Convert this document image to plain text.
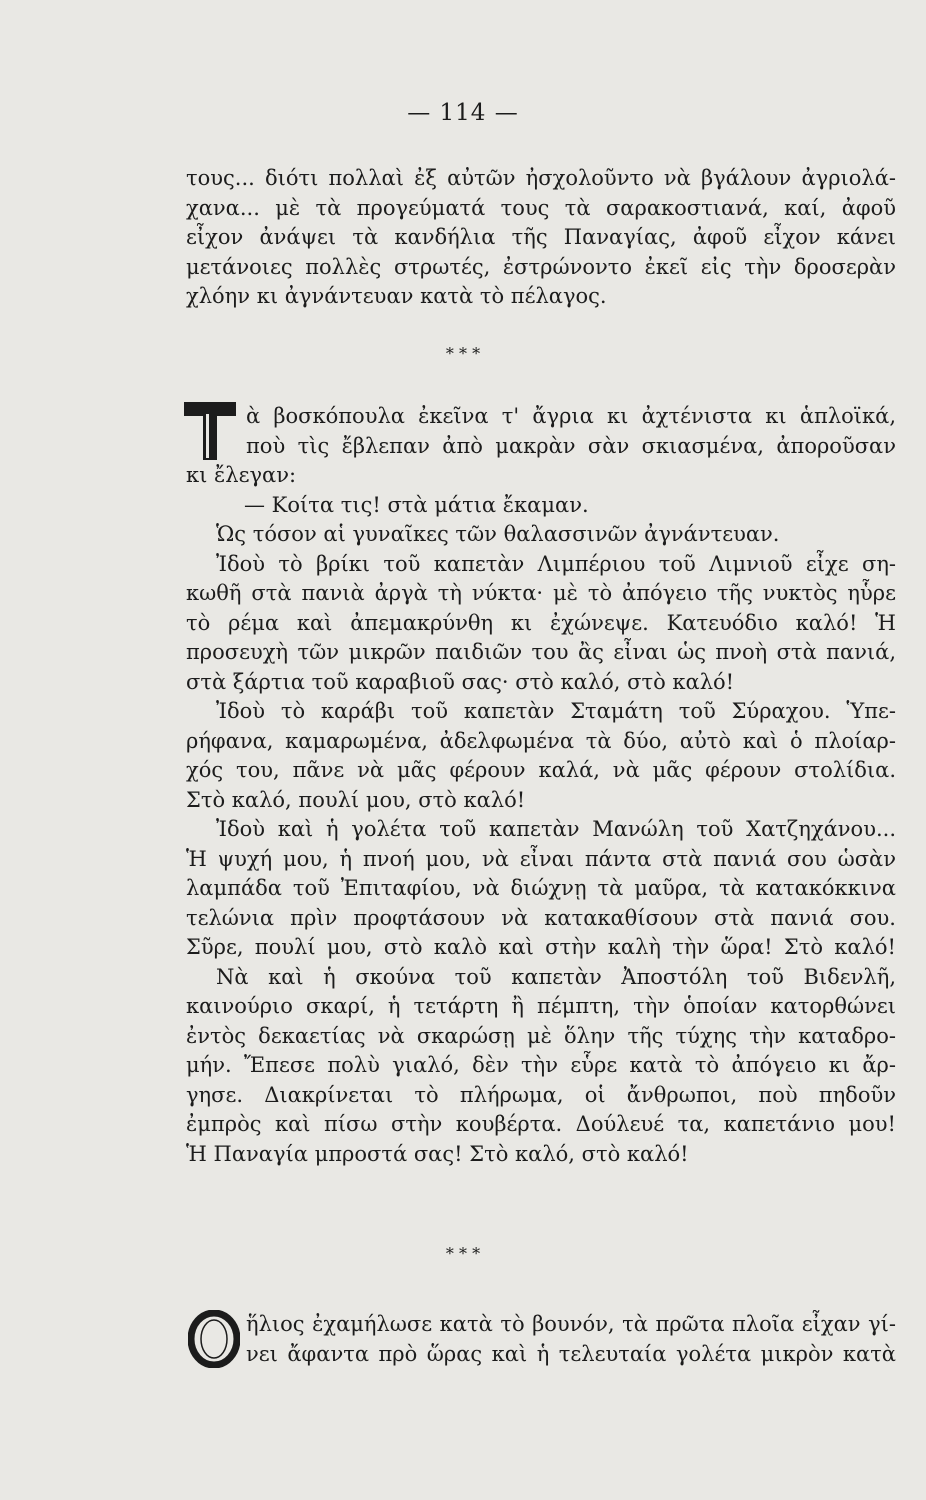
— 114 —
τους... διότι πολλαὶ ἐξ αὐτῶν ἠσχολοῦντο νὰ βγάλουν ἀγριολά-
χανα... μὲ τὰ προγεύματά τους τὰ σαρακοστιανά, καί, ἀφοῦ
εἶχον ἀνάψει τὰ κανδήλια τῆς Παναγίας, ἀφοῦ εἶχον κάνει
μετάνοιες πολλὲς στρωτές, ἐστρώνοντο ἐκεῖ εἰς τὴν δροσερὰν
χλόην κι ἀγνάντευαν κατὰ τὸ πέλαγος.
* * *
ὰ βοσκόπουλα ἐκεῖνα τ' ἄγρια κι ἀχτένιστα κι ἁπλοϊκά,
ποὺ τὶς ἔβλεπαν ἀπὸ μακρὰν σὰν σκιασμένα, ἀποροῦσαν
κι ἔλεγαν:
— Κοίτα τις! στὰ μάτια ἔκαμαν.
Ὡς τόσον αἱ γυναῖκες τῶν θαλασσινῶν ἀγνάντευαν.
Ἰδοὺ τὸ βρίκι τοῦ καπετὰν Λιμπέριου τοῦ Λιμνιοῦ εἶχε ση-
κωθῆ στὰ πανιὰ ἀργὰ τὴ νύκτα· μὲ τὸ ἀπόγειο τῆς νυκτὸς ηὗρε
τὸ ρέμα καὶ ἀπεμακρύνθη κι ἐχώνεψε. Κατευόδιο καλό! Ἡ
προσευχὴ τῶν μικρῶν παιδιῶν του ἂς εἶναι ὡς πνοὴ στὰ πανιά,
στὰ ξάρτια τοῦ καραβιοῦ σας· στὸ καλό, στὸ καλό!
Ἰδοὺ τὸ καράβι τοῦ καπετὰν Σταμάτη τοῦ Σύραχου. Ὑπε-
ρήφανα, καμαρωμένα, ἀδελφωμένα τὰ δύο, αὐτὸ καὶ ὁ πλοίαρ-
χός του, πᾶνε νὰ μᾶς φέρουν καλά, νὰ μᾶς φέρουν στολίδια.
Στὸ καλό, πουλί μου, στὸ καλό!
Ἰδοὺ καὶ ἡ γολέτα τοῦ καπετὰν Μανώλη τοῦ Χατζηχάνου...
Ἡ ψυχή μου, ἡ πνοή μου, νὰ εἶναι πάντα στὰ πανιά σου ὡσὰν
λαμπάδα τοῦ Ἐπιταφίου, νὰ διώχνῃ τὰ μαῦρα, τὰ κατακόκκινα
τελώνια πρὶν προφτάσουν νὰ κατακαθίσουν στὰ πανιά σου.
Σῦρε, πουλί μου, στὸ καλὸ καὶ στὴν καλὴ τὴν ὥρα! Στὸ καλό!
Νὰ καὶ ἡ σκούνα τοῦ καπετὰν Ἀποστόλη τοῦ Βιδενλῆ,
καινούριο σκαρί, ἡ τετάρτη ἢ πέμπτη, τὴν ὁποίαν κατορθώνει
ἐντὸς δεκαετίας νὰ σκαρώσῃ μὲ ὅλην τῆς τύχης τὴν καταδρο-
μήν. Ἔπεσε πολὺ γιαλό, δὲν τὴν εὗρε κατὰ τὸ ἀπόγειο κι ἄρ-
γησε. Διακρίνεται τὸ πλήρωμα, οἱ ἄνθρωποι, ποὺ πηδοῦν
ἐμπρὸς καὶ πίσω στὴν κουβέρτα. Δούλευέ τα, καπετάνιο μου!
Ἡ Παναγία μπροστά σας! Στὸ καλό, στὸ καλό!
* * *
Ο
ἥλιος ἐχαμήλωσε κατὰ τὸ βουνόν, τὰ πρῶτα πλοῖα εἶχαν γί-
νει ἄφαντα πρὸ ὥρας καὶ ἡ τελευταία γολέτα μικρὸν κατὰ
